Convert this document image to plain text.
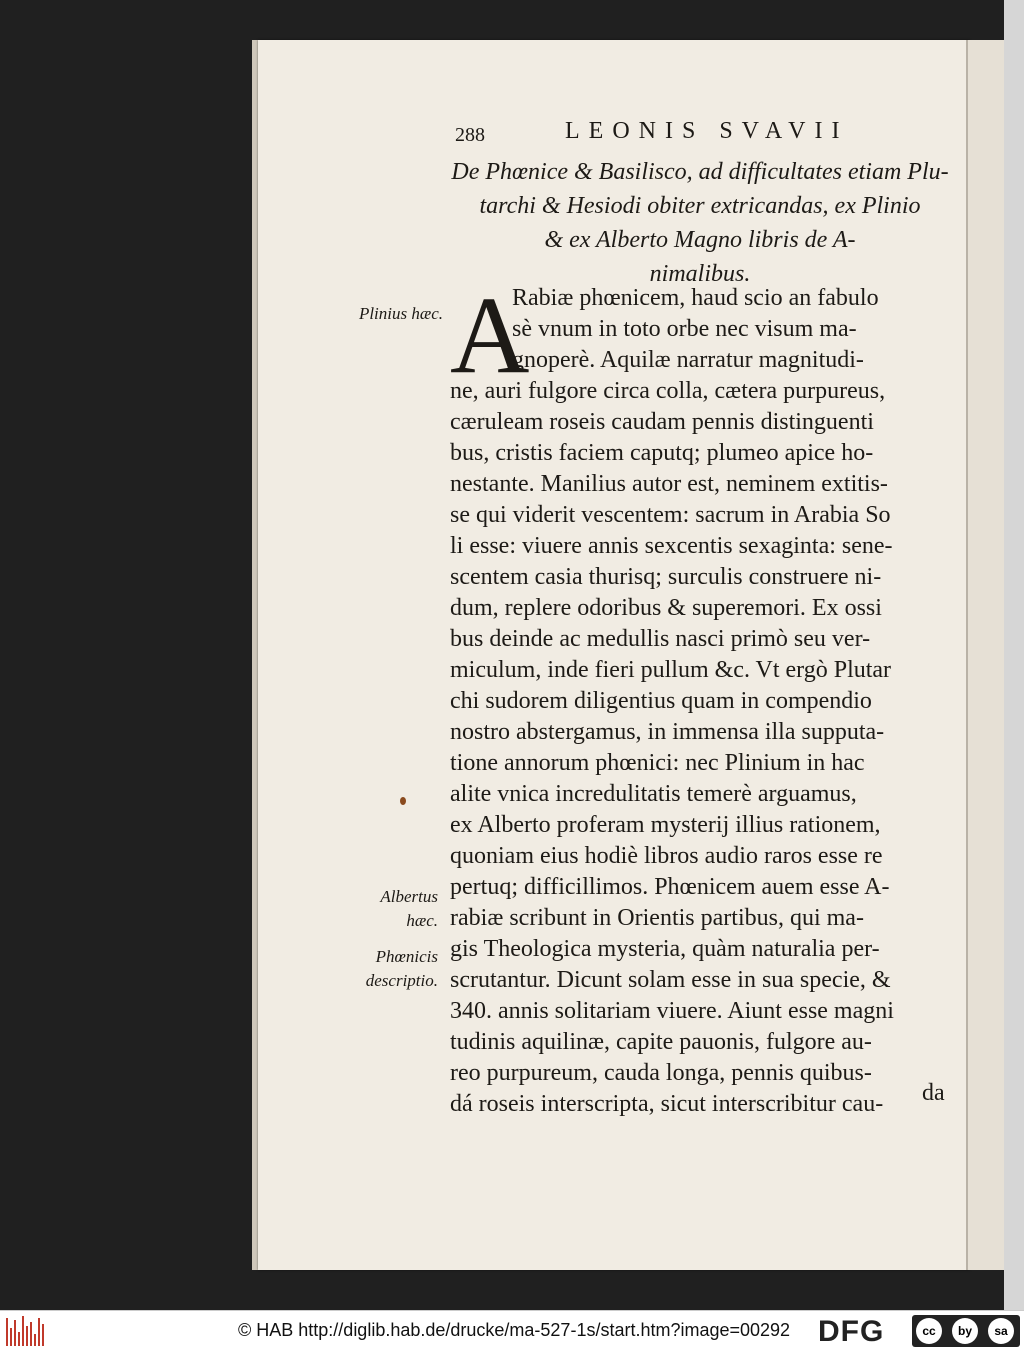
288	LEONIS SVAVII
De Phœnice & Basilisco, ad difficultates etiam Plu-
tarchi & Hesiodi obiter extricandas, ex Plinio
& ex Alberto Magno libris de A-
nimalibus.
Plinius hæc.
Albertus
hæc.
Phœnicis
descriptio.
A
Rabiæ phœnicem, haud scio an fabulo
sè vnum in toto orbe nec visum ma-
gnoperè. Aquilæ narratur magnitudi-
ne, auri fulgore circa colla, cætera purpureus,
cæruleam roseis caudam pennis distinguenti
bus, cristis faciem caputq; plumeo apice ho-
nestante. Manilius autor est, neminem extitis-
se qui viderit vescentem: sacrum in Arabia So
li esse: viuere annis sexcentis sexaginta: sene-
scentem casia thurisq; surculis construere ni-
dum, replere odoribus & superemori. Ex ossi
bus deinde ac medullis nasci primò seu ver-
miculum, inde fieri pullum &c. Vt ergò Plutar
chi sudorem diligentius quam in compendio
nostro abstergamus, in immensa illa supputa-
tione annorum phœnici: nec Plinium in hac
alite vnica incredulitatis temerè arguamus,
ex Alberto proferam mysterij illius rationem,
quoniam eius hodiè libros audio raros esse re
pertuq; difficillimos. Phœnicem auem esse A-
rabiæ scribunt in Orientis partibus, qui ma-
gis Theologica mysteria, quàm naturalia per-
scrutantur. Dicunt solam esse in sua specie, &
340. annis solitariam viuere. Aiunt esse magni
tudinis aquilinæ, capite pauonis, fulgore au-
reo purpureum, cauda longa, pennis quibus-
dá roseis interscripta, sicut interscribitur cau-	da
© HAB http://diglib.hab.de/drucke/ma-527-1s/start.htm?image=00292 DFG	cc	by	sa
